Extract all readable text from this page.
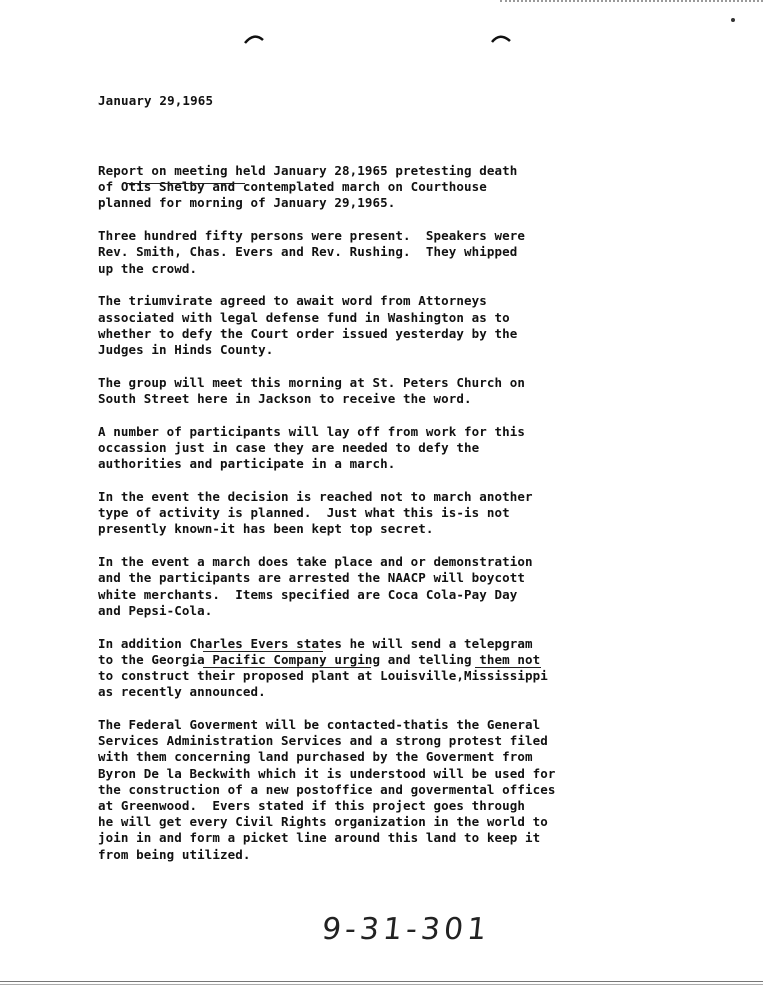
January 29,1965
Report on meeting held January 28,1965 pretesting death
of Otis Shelby and contemplated march on Courthouse
planned for morning of January 29,1965.
Three hundred fifty persons were present.  Speakers were
Rev. Smith, Chas. Evers and Rev. Rushing.  They whipped
up the crowd.
The triumvirate agreed to await word from Attorneys
associated with legal defense fund in Washington as to
whether to defy the Court order issued yesterday by the
Judges in Hinds County.
The group will meet this morning at St. Peters Church on
South Street here in Jackson to receive the word.
A number of participants will lay off from work for this
occassion just in case they are needed to defy the
authorities and participate in a march.
In the event the decision is reached not to march another
type of activity is planned.  Just what this is-is not
presently known-it has been kept top secret.
In the event a march does take place and or demonstration
and the participants are arrested the NAACP will boycott
white merchants.  Items specified are Coca Cola-Pay Day
and Pepsi-Cola.
In addition Charles Evers states he will send a telepgram
to the Georgia Pacific Company urging and telling them not
to construct their proposed plant at Louisville,Mississippi
as recently announced.
The Federal Goverment will be contacted-thatis the General
Services Administration Services and a strong protest filed
with them concerning land purchased by the Goverment from
Byron De la Beckwith which it is understood will be used for
the construction of a new postoffice and govermental offices
at Greenwood.  Evers stated if this project goes through
he will get every Civil Rights organization in the world to
join in and form a picket line around this land to keep it
from being utilized.
9-31-301
